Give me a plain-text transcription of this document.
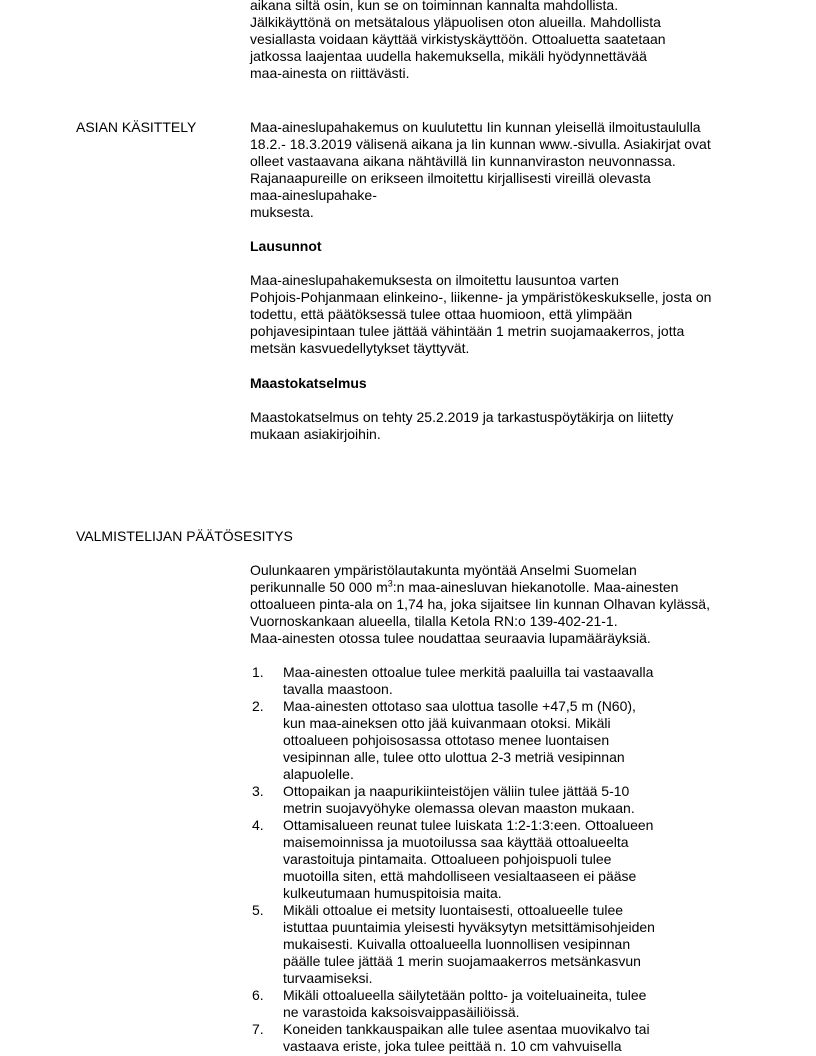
aikana siltä osin, kun se on toiminnan kannalta mahdollista.

Jälkikäyttönä on metsätalous yläpuolisen oton alueilla. Mahdollista

vesiallasta voidaan käyttää virkistyskäyttöön. Ottoaluetta saatetaan

jatkossa laajentaa uudella hakemuksella, mikäli hyödynnettävää

maa-ainesta on riittävästi.

ASIAN KÄSITTELY	Maa-aineslupahakemus on kuulutettu Iin kunnan yleisellä ilmoitustaululla

18.2.- 18.3.2019 välisenä aikana ja Iin kunnan www.-sivulla. Asiakirjat ovat

olleet vastaavana aikana nähtävillä Iin kunnanviraston neuvonnassa.

Rajanaapureille on erikseen ilmoitettu kirjallisesti vireillä olevasta

maa-aineslupahake-

muksesta.

Lausunnot

Maa-aineslupahakemuksesta on ilmoitettu lausuntoa varten

Pohjois-Pohjanmaan elinkeino-, liikenne- ja ympäristökeskukselle, josta on

todettu, että päätöksessä tulee ottaa huomioon, että ylimpään

pohjavesipintaan tulee jättää vähintään 1 metrin suojamaakerros, jotta

metsän kasvuedellytykset täyttyvät.

Maastokatselmus

Maastokatselmus on tehty 25.2.2019 ja tarkastuspöytäkirja on liitetty

mukaan asiakirjoihin.

VALMISTELIJAN PÄÄTÖSESITYS

Oulunkaaren ympäristölautakunta myöntää Anselmi Suomelan

perikunnalle 50 000 $m^3:n$ maa-ainesluvan hiekanotolle. Maa-ainesten

ottoalueen pinta-ala on 1,74 ha, joka sijaitsee Iin kunnan Olhavan kylässä,

Vuornoskankaan alueella, tilalla Ketola RN:o 139-402-21-1.

Maa-ainesten otossa tulee noudattaa seuraavia lupamääräyksiä.

1. Maa-ainesten ottoalue tulee merkitä paaluilla tai vastaavalla

tavalla maastoon.

2. Maa-ainesten ottotaso saa ulottua tasolle +47,5 m (N60),

kun maa-aineksen otto jää kuivanmaan otoksi. Mikäli

ottoalueen pohjoisosassa ottotaso menee luontaisen

vesipinnan alle, tulee otto ulottua 2-3 metriä vesipinnan

alapuolelle.

3. Ottopaikan ja naapurikiinteistöjen väliin tulee jättää 5-10

metrin suojavyöhyke olemassa olevan maaston mukaan.

4. Ottamisalueen reunat tulee luiskata 1:2-1:3:een. Ottoalueen

maisemoinnissa ja muotoilussa saa käyttää ottoalueelta

varastoituja pintamaita. Ottoalueen pohjoispuoli tulee

muotoilla siten, että mahdolliseen vesialtaaseen ei pääse

kulkeutumaan humuspitoisia maita.

5. Mikäli ottoalue ei metsity luontaisesti, ottoalueelle tulee

istuttaa puuntaimia yleisesti hyväksytyn metsittämisohjeiden

mukaisesti. Kuivalla ottoalueella luonnollisen vesipinnan

päälle tulee jättää 1 merin suojamaakerros metsänkasvun

turvaamiseksi.

6. Mikäli ottoalueella säilytetään poltto- ja voiteluaineita, tulee

ne varastoida kaksoisvaippasäiliöissä.

7. Koneiden tankkauspaikan alle tulee asentaa muovikalvo tai

vastaava eriste, joka tulee peittää n. 10 cm vahvuisella
